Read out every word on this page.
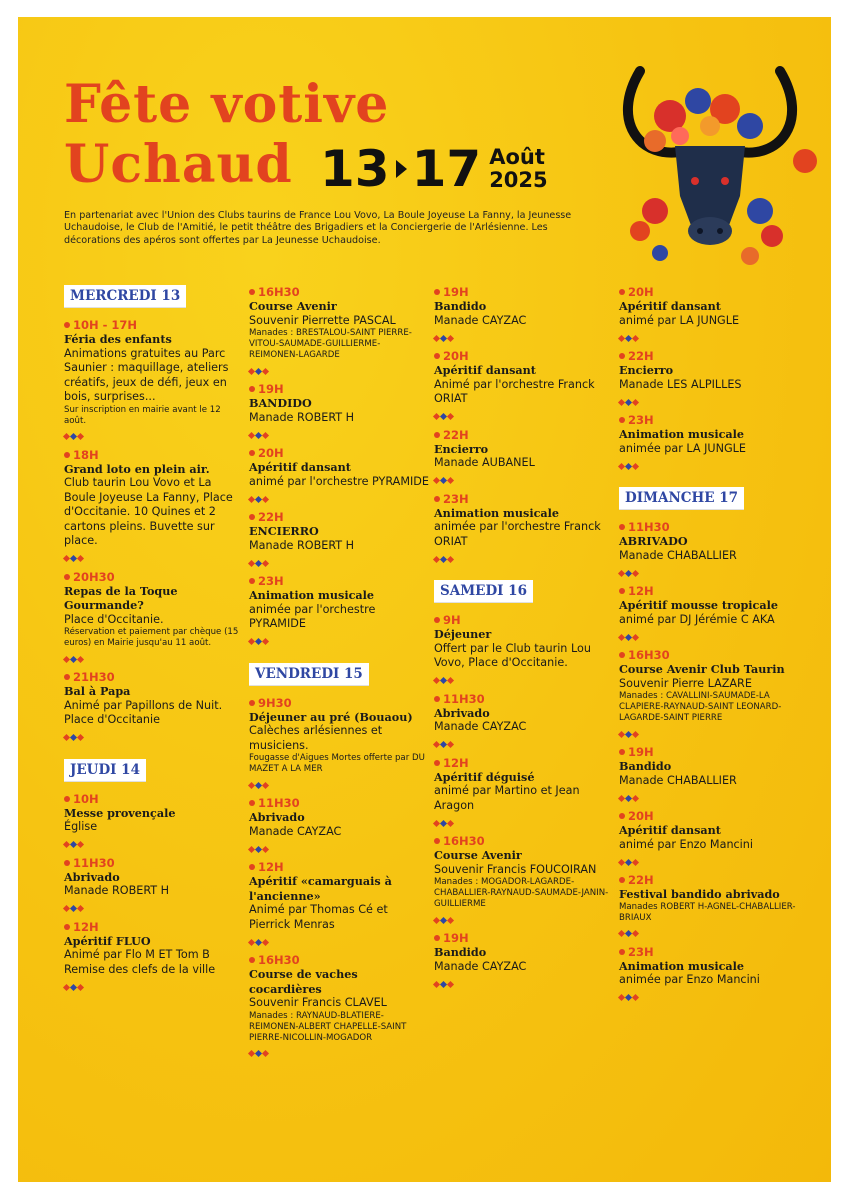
Fête votive
Uchaud 13 17 Août
2025
En partenariat avec l'Union des Clubs taurins de France Lou Vovo, La Boule Joyeuse La Fanny, la Jeunesse Uchaudoise, le Club de l'Amitié, le petit théâtre des Brigadiers et la Conciergerie de l'Arlésienne. Les décorations des apéros sont offertes par La Jeunesse Uchaudoise.
MERCREDI 13
10H - 17H
Féria des enfants
Animations gratuites au Parc Saunier : maquillage, ateliers créatifs, jeux de défi, jeux en bois, surprises...
Sur inscription en mairie avant le 12 août.
18H
Grand loto en plein air.
Club taurin Lou Vovo et La Boule Joyeuse La Fanny, Place d'Occitanie. 10 Quines et 2 cartons pleins. Buvette sur place.
20H30
Repas de la Toque Gourmande?
Place d'Occitanie.
Réservation et paiement par chèque (15 euros) en Mairie jusqu'au 11 août.
21H30
Bal à Papa
Animé par Papillons de Nuit. Place d'Occitanie
JEUDI 14
10H
Messe provençale
Église
11H30
Abrivado
Manade ROBERT H
12H
Apéritif FLUO
Animé par Flo M ET Tom B Remise des clefs de la ville
16H30
Course Avenir
Souvenir Pierrette PASCAL
Manades : BRESTALOU-SAINT PIERRE-VITOU-SAUMADE-GUILLIERME-REIMONEN-LAGARDE
19H
BANDIDO
Manade ROBERT H
20H
Apéritif dansant
animé par l'orchestre PYRAMIDE
22H
ENCIERRO
Manade ROBERT H
23H
Animation musicale
animée par l'orchestre PYRAMIDE
VENDREDI 15
9H30
Déjeuner au pré (Bouaou)
Calèches arlésiennes et musiciens.
Fougasse d'Aigues Mortes offerte par DU MAZET A LA MER
11H30
Abrivado
Manade CAYZAC
12H
Apéritif «camarguais à l'ancienne»
Animé par Thomas Cé et Pierrick Menras
16H30
Course de vaches cocardières
Souvenir Francis CLAVEL
Manades : RAYNAUD-BLATIERE-REIMONEN-ALBERT CHAPELLE-SAINT PIERRE-NICOLLIN-MOGADOR
19H
Bandido
Manade CAYZAC
20H
Apéritif dansant
Animé par l'orchestre Franck ORIAT
22H
Encierro
Manade AUBANEL
23H
Animation musicale
animée par l'orchestre Franck ORIAT
SAMEDI 16
9H
Déjeuner
Offert par le Club taurin Lou Vovo, Place d'Occitanie.
11H30
Abrivado
Manade CAYZAC
12H
Apéritif déguisé
animé par Martino et Jean Aragon
16H30
Course Avenir
Souvenir Francis FOUCOIRAN
Manades : MOGADOR-LAGARDE-CHABALLIER-RAYNAUD-SAUMADE-JANIN-GUILLIERME
19H
Bandido
Manade CAYZAC
20H
Apéritif dansant
animé par LA JUNGLE
22H
Encierro
Manade LES ALPILLES
23H
Animation musicale
animée par LA JUNGLE
DIMANCHE 17
11H30
ABRIVADO
Manade CHABALLIER
12H
Apéritif mousse tropicale
animé par DJ Jérémie C AKA
16H30
Course Avenir Club Taurin
Souvenir Pierre LAZARE
Manades : CAVALLINI-SAUMADE-LA CLAPIERE-RAYNAUD-SAINT LEONARD-LAGARDE-SAINT PIERRE
19H
Bandido
Manade CHABALLIER
20H
Apéritif dansant
animé par Enzo Mancini
22H
Festival bandido abrivado
Manades ROBERT H-AGNEL-CHABALLIER- BRIAUX
23H
Animation musicale
animée par Enzo Mancini
